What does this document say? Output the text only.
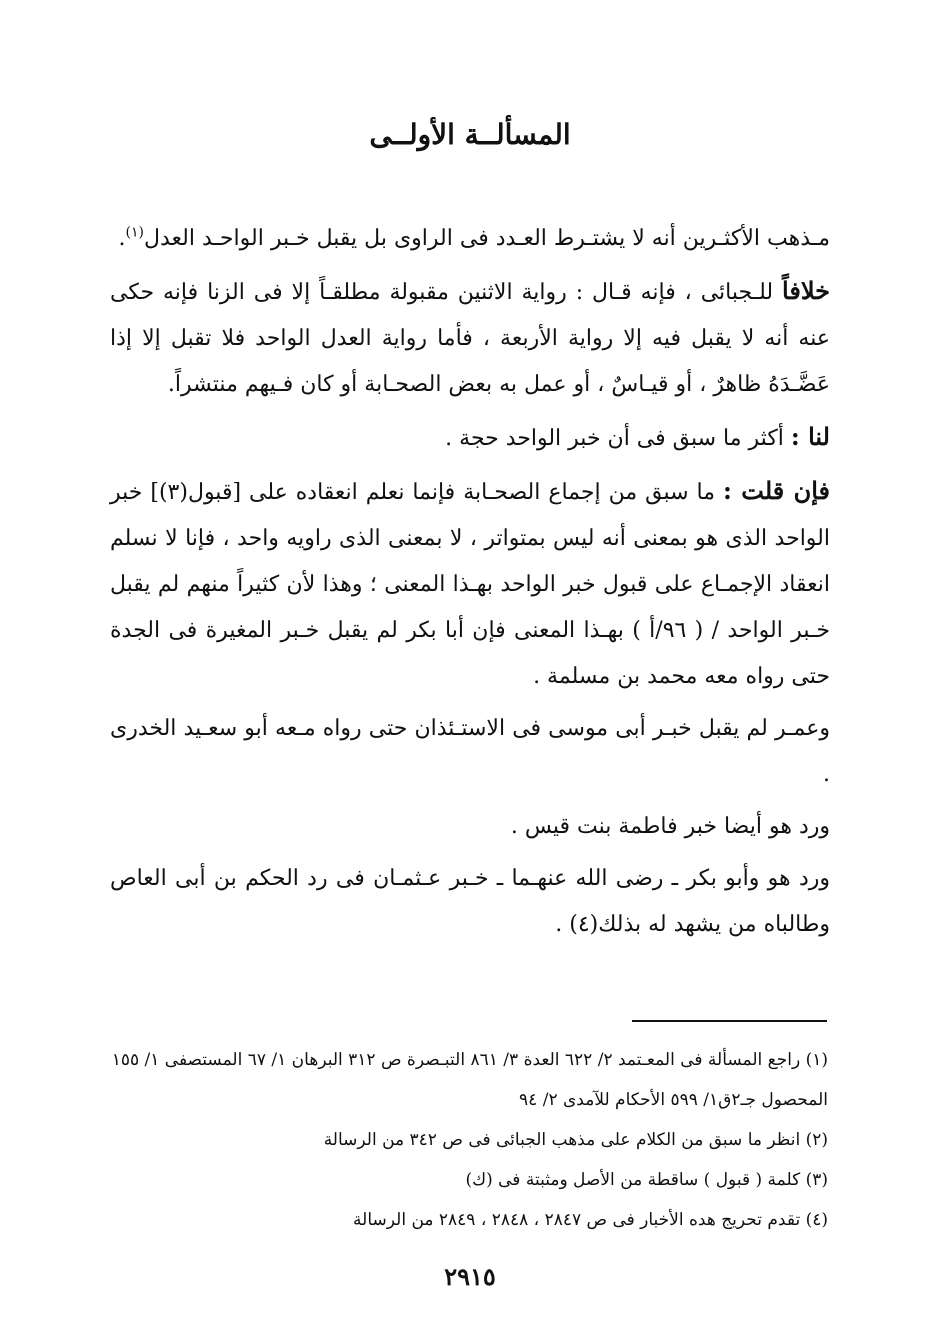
المسألــة الأولــى

مـذهب الأكثـرين أنه لا يشتـرط العـدد فى الراوى بل يقبل خـبر الواحـد العدل$^{(١)}$.

خلافاً للـجبائى ، فإنه قـال : رواية الاثنين مقبولة مطلقـاً إلا فى الزنا فإنه حكى عنه أنه لا يقبل فيه إلا رواية الأربعة ، فأما رواية العدل الواحد فلا تقبل إلا إذا عَضَّـدَهُ ظاهرٌ ، أو قيـاسٌ ، أو عمل به بعض الصحـابة أو كان فـيهم منتشراً.

لنا : أكثر ما سبق فى أن خبر الواحد حجة .

فإن قلت : ما سبق من إجماع الصحـابة فإنما نعلم انعقاده على [قبول(٣)] خبر الواحد الذى هو بمعنى أنه ليس بمتواتر ، لا بمعنى الذى راويه واحد ، فإنا لا نسلم انعقاد الإجمـاع على قبول خبر الواحد بهـذا المعنى ؛ وهذا لأن كثيراً منهم لم يقبل خـبر الواحد / ( ٩٦/أ ) بهـذا المعنى فإن أبا بكر لم يقبل خـبر المغيرة فى الجدة حتى رواه معه محمد بن مسلمة .

وعمـر لم يقبل خبـر أبى موسى فى الاستـئذان حتى رواه مـعه أبو سعـيد الخدرى .

ورد هو أيضا خبر فاطمة بنت قيس .

ورد هو وأبو بكر ـ رضى الله عنهـما ـ خـبر عـثمـان فى رد الحكم بن أبى العاص وطالباه من يشهد له بذلك(٤) .

(١) راجع المسألة فى المعـتمد ٢/ ٦٢٢ العدة ٣/ ٨٦١ التبـصرة ص ٣١٢ البرهان ١/ ٦٧ المستصفى ١/ ١٥٥ المحصول جـ٢ق١/ ٥٩٩ الأحكام للآمدى ٢/ ٩٤
(٢) انظر ما سبق من الكلام على مذهب الجبائى فى ص ٣٤٢ من الرسالة
(٣) كلمة ( قبول ) ساقطة من الأصل ومثبتة فى (ك)
(٤) تقدم تحريج هده الأخبار فى ص ٢٨٤٧ ، ٢٨٤٨ ، ٢٨٤٩ من الرسالة
٢٩١٥
